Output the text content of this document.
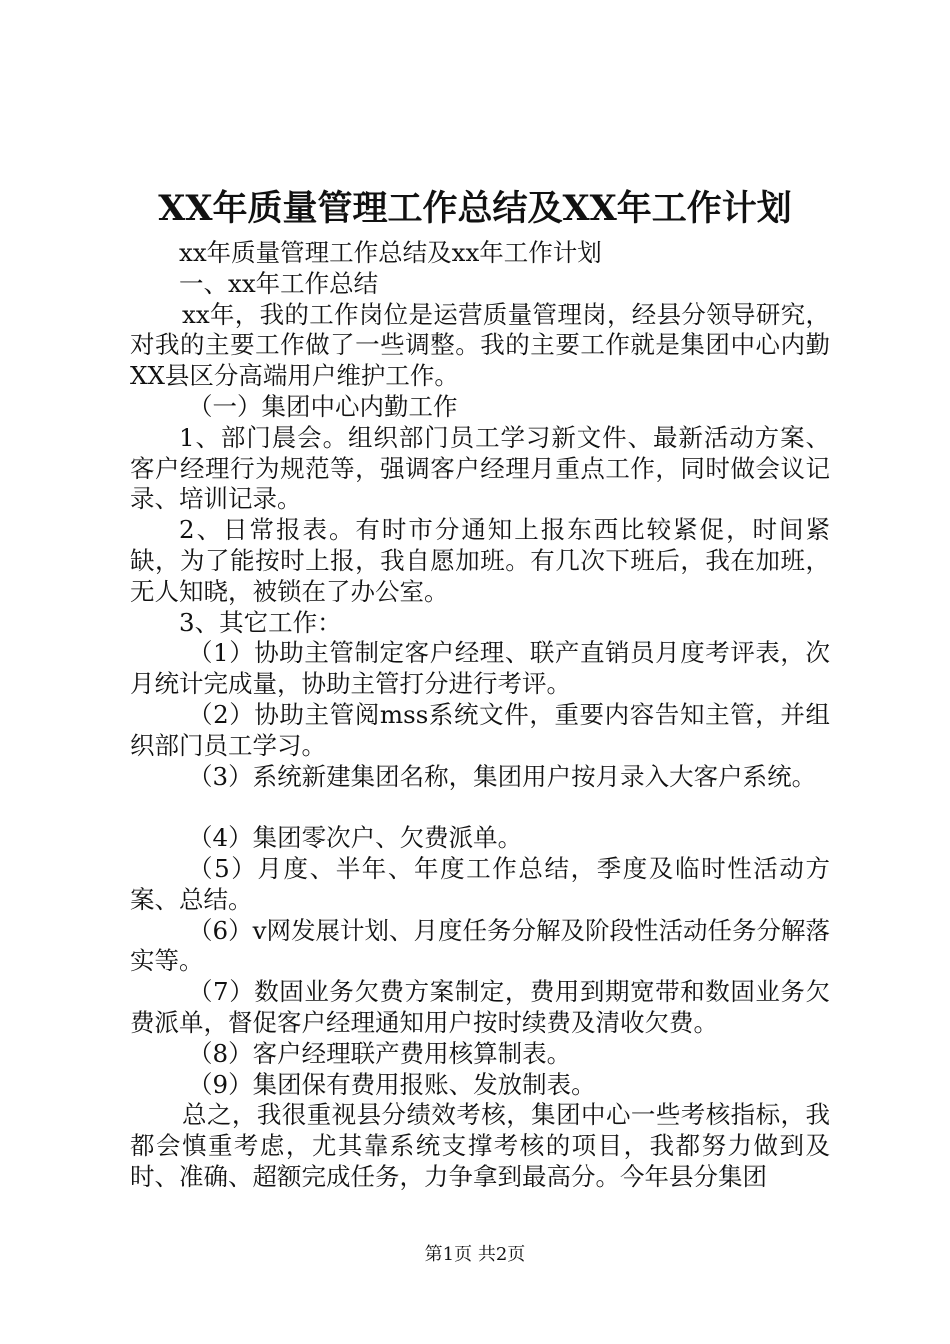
XX年质量管理工作总结及XX年工作计划

xx年质量管理工作总结及xx年工作计划

一、xx年工作总结

xx年，我的工作岗位是运营质量管理岗，经县分领导研究，对我的主要工作做了一些调整。我的主要工作就是集团中心内勤XX县区分高端用户维护工作。

（一）集团中心内勤工作

1、部门晨会。组织部门员工学习新文件、最新活动方案、客户经理行为规范等，强调客户经理月重点工作，同时做会议记录、培训记录。

2、日常报表。有时市分通知上报东西比较紧促，时间紧缺，为了能按时上报，我自愿加班。有几次下班后，我在加班，无人知晓，被锁在了办公室。

3、其它工作：

（1）协助主管制定客户经理、联产直销员月度考评表，次月统计完成量，协助主管打分进行考评。

（2）协助主管阅mss系统文件，重要内容告知主管，并组织部门员工学习。

（3）系统新建集团名称，集团用户按月录入大客户系统。

（4）集团零次户、欠费派单。

（5）月度、半年、年度工作总结，季度及临时性活动方案、总结。

（6）v网发展计划、月度任务分解及阶段性活动任务分解落实等。

（7）数固业务欠费方案制定，费用到期宽带和数固业务欠费派单，督促客户经理通知用户按时续费及清收欠费。

（8）客户经理联产费用核算制表。

（9）集团保有费用报账、发放制表。

总之，我很重视县分绩效考核，集团中心一些考核指标，我都会慎重考虑，尤其靠系统支撑考核的项目，我都努力做到及时、准确、超额完成任务，力争拿到最高分。今年县分集团

第1页 共2页
